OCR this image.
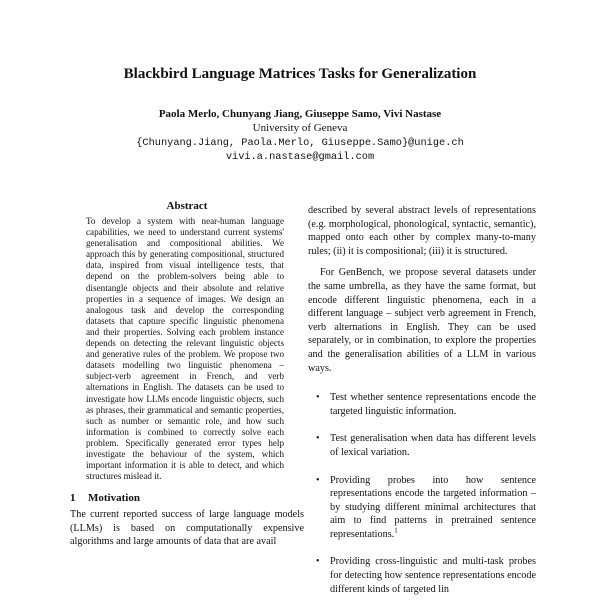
Blackbird Language Matrices Tasks for Generalization
Paola Merlo, Chunyang Jiang, Giuseppe Samo, Vivi Nastase
University of Geneva
{Chunyang.Jiang, Paola.Merlo, Giuseppe.Samo}@unige.ch
vivi.a.nastase@gmail.com
Abstract

To develop a system with near-human language capabilities, we need to understand current systems' generalisation and compositional abilities. We approach this by generating compositional, structured data, inspired from visual intelligence tests, that depend on the problem-solvers being able to disentangle objects and their absolute and relative properties in a sequence of images. We design an analogous task and develop the corresponding datasets that capture specific linguistic phenomena and their properties. Solving each problem instance depends on detecting the relevant linguistic objects and generative rules of the problem. We propose two datasets modelling two linguistic phenomena – subject-verb agreement in French, and verb alternations in English. The datasets can be used to investigate how LLMs encode linguistic objects, such as phrases, their grammatical and semantic properties, such as number or semantic role, and how such information is combined to correctly solve each problem. Specifically generated error types help investigate the behaviour of the system, which important information it is able to detect, and which structures mislead it.

1 Motivation

The current reported success of large language models (LLMs) is based on computationally expensive algorithms and large amounts of data that are avail

described by several abstract levels of representations (e.g. morphological, phonological, syntactic, semantic), mapped onto each other by complex many-to-many rules; (ii) it is compositional; (iii) it is structured.

For GenBench, we propose several datasets under the same umbrella, as they have the same format, but encode different linguistic phenomena, each in a different language – subject verb agreement in French, verb alternations in English. They can be used separately, or in combination, to explore the properties and the generalisation abilities of a LLM in various ways.

• Test whether sentence representations encode the targeted linguistic information.
• Test generalisation when data has different levels of lexical variation.
• Providing probes into how sentence representations encode the targeted information – by studying different minimal architectures that aim to find patterns in pretrained sentence representations.$^1$
• Providing cross-linguistic and multi-task probes for detecting how sentence representations encode different kinds of targeted lin
